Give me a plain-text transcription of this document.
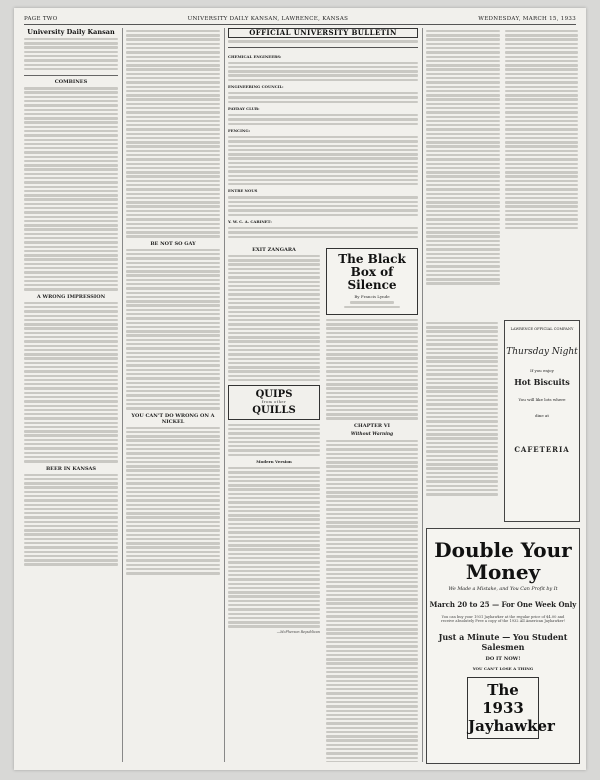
PAGE TWO	UNIVERSITY DAILY KANSAN, LAWRENCE, KANSAS	WEDNESDAY, MARCH 15, 1933
University Daily Kansan
COMBINES
A WRONG IMPRESSION
BEER IN KANSAS
BE NOT SO GAY
YOU CAN'T DO WRONG ON A NICKEL
OFFICIAL UNIVERSITY BULLETIN
CHEMICAL ENGINEERS:
ENGINEERING COUNCIL:
PAYDAY CLUB:
FENCING:
ENTRE NOUS
Y. W. C. A. CABINET:
EXIT ZANGARA
QUIPS
from other
QUILLS
Modern Version
—McPherson Republican
The Black Box of Silence
By Francis Lynde
CHAPTER VI
Without Warning
LAWRENCE OFFICIAL COMPANY
Thursday Night
If you enjoy
Hot Biscuits
You will like lots where
dine at
CAFETERIA
Double Your Money
We Made a Mistake, and You Can Profit by It
March 20 to 25 — For One Week Only
You can buy your 1931 Jayhawker at the regular price of $4.00 and receive absolutely Free a copy of the 1932 All American Jayhawker!
Just a Minute — You Student Salesmen
DO IT NOW!
YOU CAN'T LOSE A THING
The 1933 Jayhawker
